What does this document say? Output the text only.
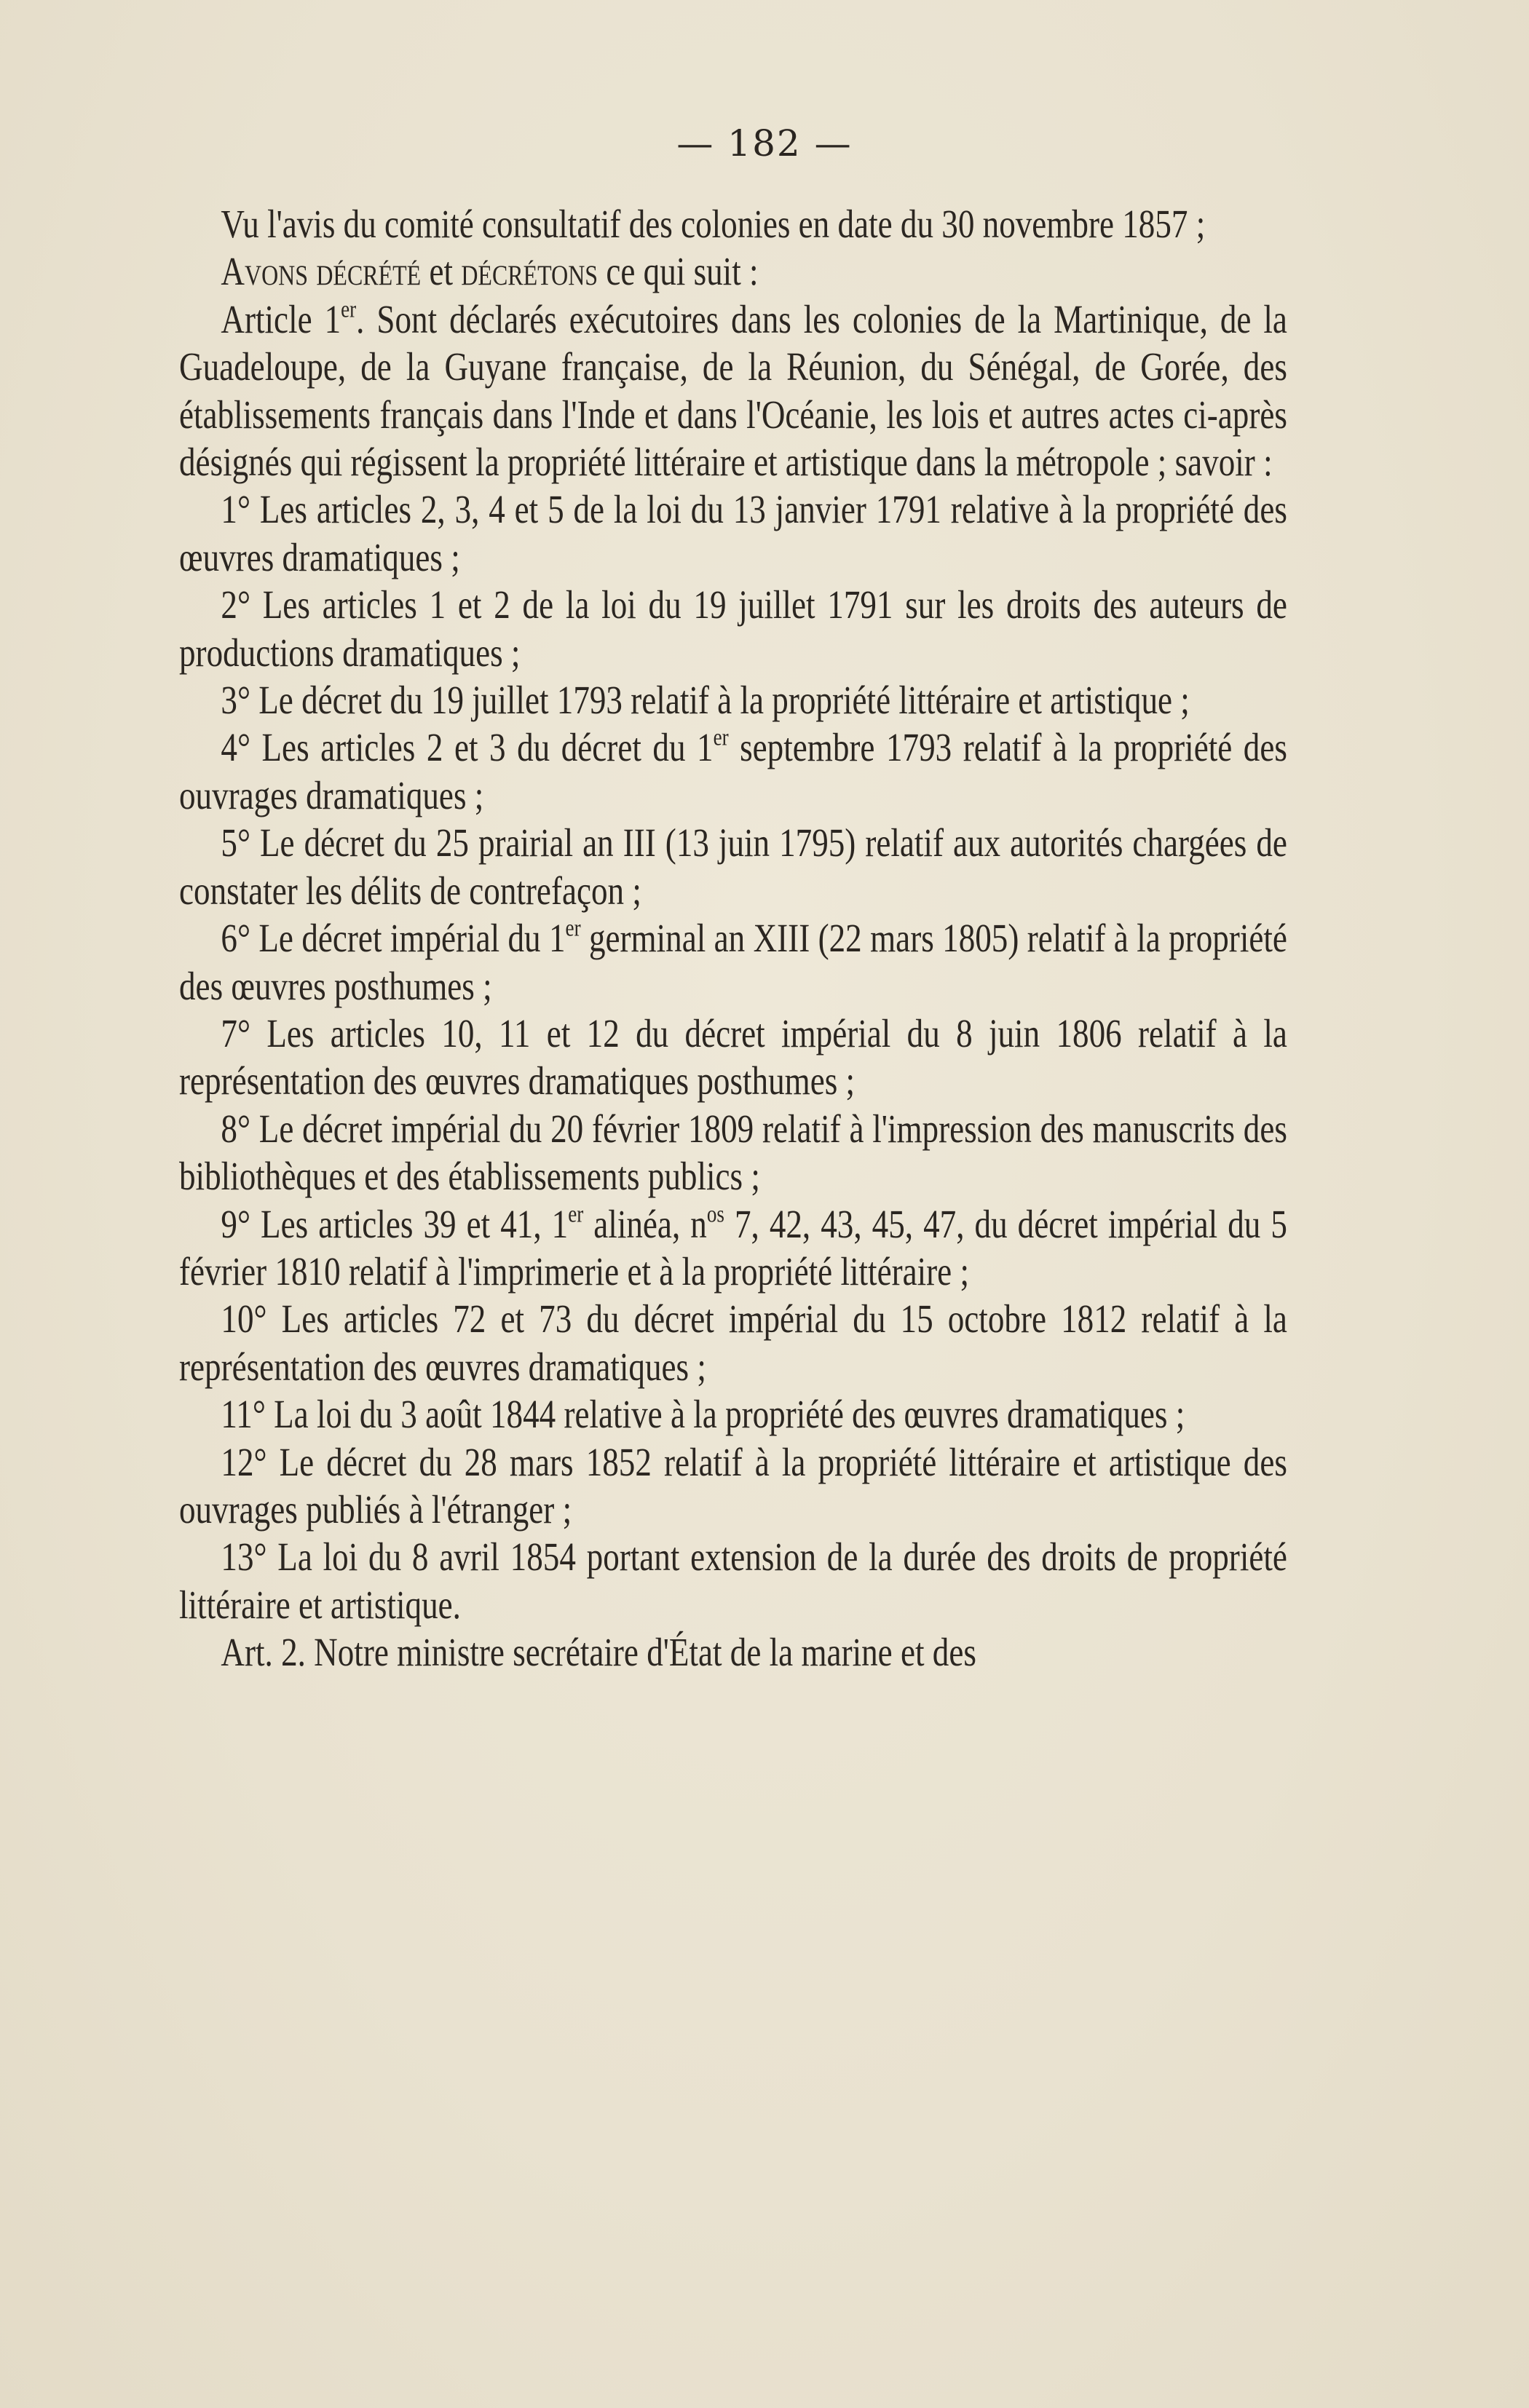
— 182 —

Vu l'avis du comité consultatif des colonies en date du 30 novembre 1857 ;

Avons décrété et décrétons ce qui suit :

Article 1er. Sont déclarés exécutoires dans les colonies de la Martinique, de la Guadeloupe, de la Guyane française, de la Réunion, du Sénégal, de Gorée, des établissements français dans l'Inde et dans l'Océanie, les lois et autres actes ci-après désignés qui régissent la propriété littéraire et artistique dans la métropole ; savoir :

1° Les articles 2, 3, 4 et 5 de la loi du 13 janvier 1791 relative à la propriété des œuvres dramatiques ;

2° Les articles 1 et 2 de la loi du 19 juillet 1791 sur les droits des auteurs de productions dramatiques ;

3° Le décret du 19 juillet 1793 relatif à la propriété littéraire et artistique ;

4° Les articles 2 et 3 du décret du 1er septembre 1793 relatif à la propriété des ouvrages dramatiques ;

5° Le décret du 25 prairial an III (13 juin 1795) relatif aux autorités chargées de constater les délits de contrefaçon ;

6° Le décret impérial du 1er germinal an XIII (22 mars 1805) relatif à la propriété des œuvres posthumes ;

7° Les articles 10, 11 et 12 du décret impérial du 8 juin 1806 relatif à la représentation des œuvres dramatiques posthumes ;

8° Le décret impérial du 20 février 1809 relatif à l'impression des manuscrits des bibliothèques et des établissements publics ;

9° Les articles 39 et 41, 1er alinéa, $n^{os}$ 7, 42, 43, 45, 47, du décret impérial du 5 février 1810 relatif à l'imprimerie et à la propriété littéraire ;

10° Les articles 72 et 73 du décret impérial du 15 octobre 1812 relatif à la représentation des œuvres dramatiques ;

11° La loi du 3 août 1844 relative à la propriété des œuvres dramatiques ;

12° Le décret du 28 mars 1852 relatif à la propriété littéraire et artistique des ouvrages publiés à l'étranger ;

13° La loi du 8 avril 1854 portant extension de la durée des droits de propriété littéraire et artistique.

Art. 2. Notre ministre secrétaire d'État de la marine et des
